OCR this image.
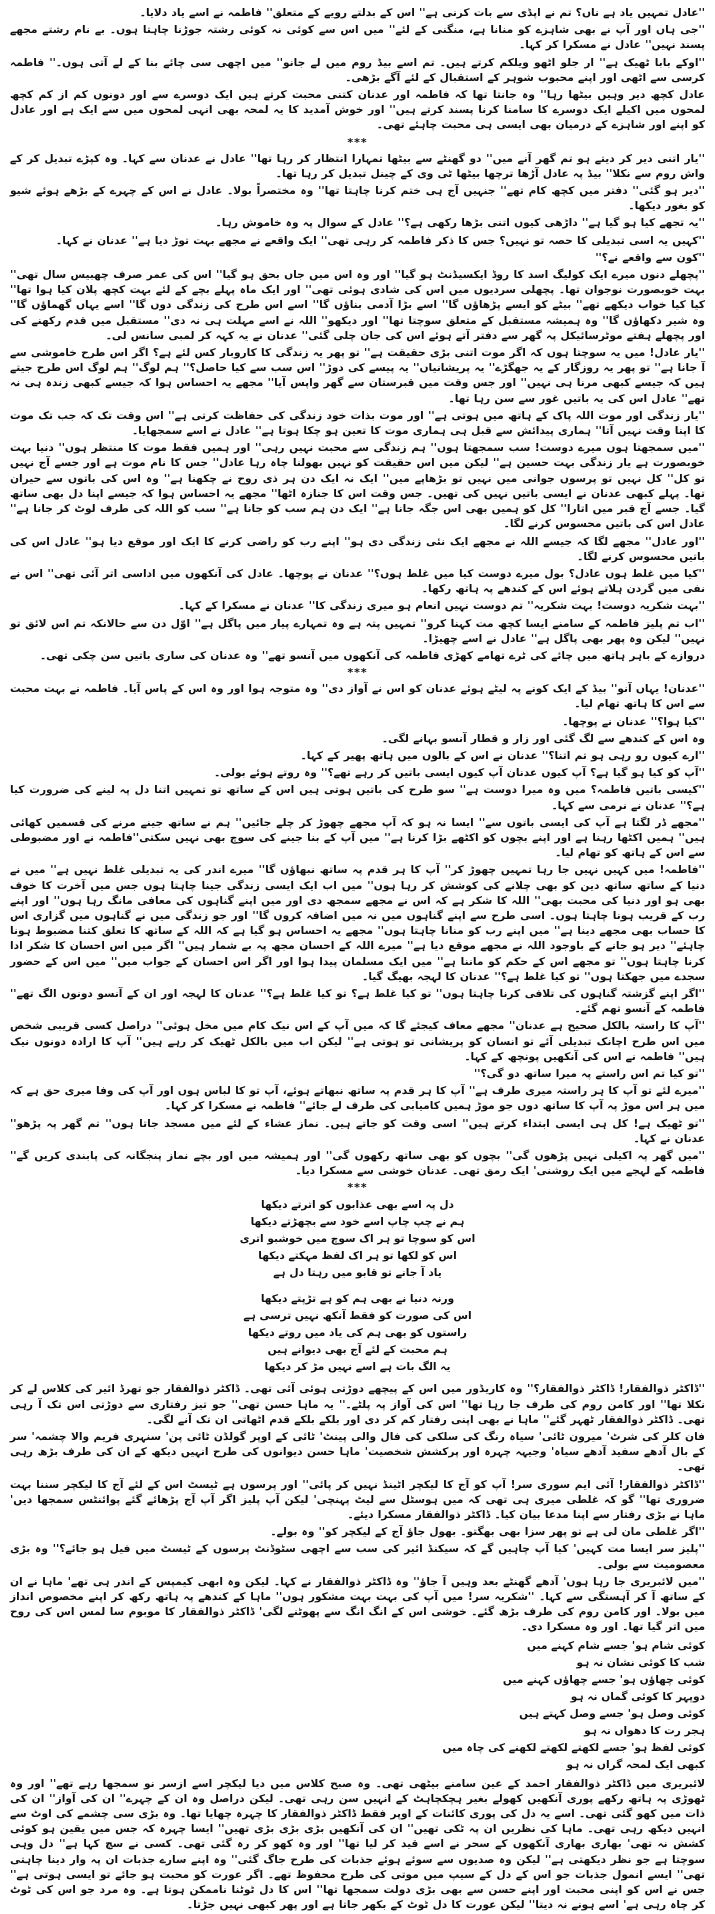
''عادل تمہیں یاد ہے ناں؟ تم نے اپڈی سے بات کرنی ہے'' اس کے بدلتے رویے کے متعلق'' فاطمہ نے اسے یاد دلایا۔

''جی ہاں اور آپ نے بھی شاہزے کو منانا ہے، منگنی کے لئے'' میں اس سے کوئی نہ کوئی رشتہ جوڑنا چاہتا ہوں۔ بے نام رشتے مجھے پسند نہیں'' عادل نے مسکرا کر کہا۔

''اوکے بابا ٹھیک ہے'' ار جلو اٹھو ویلکم کرتے ہیں۔ تم اسے بیڈ روم میں لے جانو'' میں اچھی سی چائے بنا کے لے آتی ہوں۔'' فاطمہ کرسی سے اٹھی اور اپنے محبوب شوہر کے استقبال کے لئے آگے بڑھی۔

عادل کچھ دیر وہیں بیٹھا رہا'' وہ جانتا تھا کہ فاطمہ اور عدنان کتنی محبت کرتے ہیں ایک دوسرے سے اور دونوں کم از کم کچھ لمحوں میں اکیلے ایک دوسرے کا سامنا کرنا پسند کرتے ہیں'' اور خوش آمدید کا یہ لمحہ بھی انہی لمحوں میں سے ایک ہے اور عادل کو اپنے اور شاہزے کے درمیان بھی ایسی ہی محبت چاہئے تھی۔

***

''یار اتنی دیر کر دیتے ہو تم گھر آنے میں'' دو گھنٹے سے بیٹھا تمہارا انتظار کر رہا تھا'' عادل نے عدنان سے کہا۔ وہ کپڑے تبدیل کر کے واش روم سے نکلا'' بیڈ پہ عادل آڑھا ترچھا بیٹھا ٹی وی کے چینل تبدیل کر رہا تھا۔

''دیر ہو گئی'' دفتر میں کچھ کام تھے'' جنہیں آج ہی ختم کرنا چاہتا تھا'' وہ مختصراً بولا۔ عادل نے اس کے چہرے کے بڑھے ہوئے شیو کو بغور دیکھا۔

''یہ تجھے کیا ہو گیا ہے'' داڑھی کیوں اتنی بڑھا رکھی ہے؟'' عادل کے سوال پہ وہ خاموش رہا۔

''کہیں یہ اسی تبدیلی کا حصہ تو نہیں؟ جس کا ذکر فاطمہ کر رہی تھی'' ایک واقعے نے مجھے بہت توڑ دیا ہے'' عدنان نے کہا۔

''کون سے واقعے نے؟''

''پچھلے دنوں میرے ایک کولیگ اسد کا روڈ ایکسیڈنٹ ہو گیا'' اور وہ اس میں جاں بحق ہو گیا'' اس کی عمر صرف چھبیس سال تھی'' بہت خوبصورت نوجوان تھا۔ پچھلی سردیوں میں اس کی شادی ہوئی تھی'' اور ایک ماہ پہلے بچے کے لئے بہت کچھ پلان کیا ہوا تھا'' کیا کیا خواب دیکھے تھے'' بیٹے کو ایسے پڑھاؤں گا'' اسے بڑا آدمی بناؤں گا'' اسے اس طرح کی زندگی دوں گا'' اسے یہاں گھماؤں گا'' وہ شیر دکھاؤں گا'' وہ ہمیشہ مستقبل کے متعلق سوچتا تھا'' اور دیکھو'' اللہ نے اسے مہلت ہی نہ دی'' مستقبل میں قدم رکھنے کی اور پچھلے ہفتے موٹرسائیکل پہ گھر سے دفتر آتے ہوئے اس کی جان چلی گئی'' عدنان نے یہ کہہ کر لمبی سانس لی۔

''یار عادل! میں یہ سوچتا ہوں کہ اگر موت اتنی بڑی حقیقت ہے'' تو پھر یہ زندگی کا کاروبار کس لئے ہے؟ اگر اس طرح خاموشی سے آ جانا ہے'' تو پھر یہ روزگار کے یہ جھگڑے'' یہ پریشانیاں'' یہ پیسے کی دوڑ'' اس سب سے کیا حاصل؟'' ہم لوگ'' ہم لوگ اس طرح جیتے ہیں کہ جیسے کبھی مرنا ہی نہیں'' اور جس وقت میں قبرستان سے گھر واپس آیا'' مجھے یہ احساس ہوا کہ جیسے کبھی زندہ ہی نہ تھے'' عادل اس کی یہ باتیں غور سے سن رہا تھا۔

''یار زندگی اور موت اللہ پاک کے ہاتھ میں ہوتی ہے'' اور موت بذات خود زندگی کی حفاظت کرتی ہے'' اس وقت تک کہ جب تک موت کا اپنا وقت نہیں آتا'' ہماری پیدائش سے قبل ہی ہماری موت کا تعین ہو چکا ہوتا ہے'' عادل نے اسے سمجھایا۔

''میں سمجھتا ہوں میرے دوست! سب سمجھتا ہوں'' ہم زندگی سے محبت نہیں رہی'' اور ہمیں فقط موت کا منتظر ہوں'' دنیا بہت خوبصورت ہے یار زندگی بہت حسین ہے'' لیکن میں اس حقیقت کو نہیں بھولنا چاہ رہا عادل'' جس کا نام موت ہے اور جسے آج نہیں تو کل'' کل نہیں تو پرسوں جوانی میں نہیں تو بڑھاپے میں'' ایک نہ ایک دن ہر ذی روح نے چکھنا ہے'' وہ اس کی باتوں سے حیران تھا۔ پہلے کبھی عدنان نے ایسی باتیں نہیں کی تھیں۔ جس وقت اس کا جنازہ اٹھا'' مجھے یہ احساس ہوا کہ جیسے اپنا دل بھی ساتھ گیا۔ جسے آج قبر میں اتارا'' کل کو ہمیں بھی اس جگہ جانا ہے'' ایک دن ہم سب کو جانا ہے'' سب کو اللہ کی طرف لوٹ کر جانا ہے'' عادل اس کی باتیں محسوس کرنے لگا۔

''اور عادل'' مجھے لگا کہ جیسے اللہ نے مجھے ایک نئی زندگی دی ہو'' اپنے رب کو راضی کرنے کا ایک اور موقع دیا ہو'' عادل اس کی باتیں محسوس کرنے لگا۔

''کیا میں غلط ہوں عادل؟ بول میرے دوست کیا میں غلط ہوں؟'' عدنان نے پوچھا۔ عادل کی آنکھوں میں اداسی اتر آئی تھی'' اس نے نفی میں گردن ہلاتے ہوئے اس کے کندھے پہ ہاتھ رکھا۔

''بہت شکریہ دوست! بہت شکریہ'' تم دوست نہیں انعام ہو میری زندگی کا'' عدنان نے مسکرا کے کہا۔

''اب تم پلیز فاطمہ کے سامنے ایسا کچھ مت کہنا کرو'' تمہیں پتہ ہے وہ تمہارے پیار میں پاگل ہے'' اوّل دن سے حالانکہ تم اس لائق تو نہیں'' لیکن وہ پھر بھی پاگل ہے'' عادل نے اسے چھیڑا۔

دروازے کے باہر ہاتھ میں چائے کی ٹرے تھامے کھڑی فاطمہ کی آنکھوں میں آنسو تھے'' وہ عدنان کی ساری باتیں سن چکی تھی۔

***

''عدنان! یہاں آنو'' بیڈ کے ایک کونے پہ لیٹے ہوئے عدنان کو اس نے آواز دی'' وہ متوجہ ہوا اور وہ اس کے پاس آیا۔ فاطمہ نے بہت محبت سے اس کا ہاتھ تھام لیا۔

''کیا ہوا؟'' عدنان نے پوچھا۔

وہ اس کے کندھے سے لگ گئی اور زار و قطار آنسو بہانے لگی۔

''ارے کیوں رو رہی ہو تم اتنا؟'' عدنان نے اس کے بالوں میں ہاتھ پھیر کے کہا۔

''آپ کو کیا ہو گیا ہے؟ آپ کیوں عدنان آپ کیوں ایسی باتیں کر رہے تھے؟'' وہ روتے ہوئے بولی۔

''کیسی باتیں فاطمہ؟ میں وہ میرا دوست ہے'' سو طرح کی باتیں ہوتی ہیں اس کے ساتھ تو تمہیں اتنا دل پہ لینے کی ضرورت کیا ہے؟'' عدنان نے نرمی سے کہا۔

''مجھے ڈر لگتا ہے آپ کی ایسی باتوں سے'' ایسا نہ ہو کہ آپ مجھے چھوڑ کر چلے جائیں'' ہم نے ساتھ جینے مرنے کی قسمیں کھائی ہیں'' ہمیں اکٹھا رہنا ہے اور اپنے بچوں کو اکٹھے بڑا کرنا ہے'' میں آپ کے بنا جینے کی سوچ بھی نہیں سکتی''فاطمہ نے اور مضبوطی سے اس کے ہاتھ کو تھام لیا۔

''فاطمہ! میں کہیں نہیں جا رہا تمہیں چھوڑ کر'' آپ کا ہر قدم پہ ساتھ نبھاؤں گا'' میرے اندر کی یہ تبدیلی غلط نہیں ہے'' میں نے دنیا کے ساتھ ساتھ دین کو بھی چلانے کی کوشش کر رہا ہوں'' میں اب ایک ایسی زندگی جینا چاہتا ہوں جس میں آخرت کا خوف بھی ہو اور دنیا کی محبت بھی'' اللہ کا شکر ہے کہ اس نے مجھے سمجھ دی اور میں اپنے گناہوں کی معافی مانگ رہا ہوں'' اور اپنے رب کے قریب ہونا چاہتا ہوں۔ اسی طرح سے اپنے گناہوں میں نہ میں اضافہ کروں گا'' اور جو زندگی میں نے گناہوں میں گزاری اس کا حساب بھی مجھے دینا ہے'' میں اپنے رب کو منانا چاہتا ہوں'' مجھے یہ احساس ہو گیا ہے کہ اللہ کے ساتھ کا تعلق کتنا مضبوط ہونا چاہئے'' دیر ہو جانے کے باوجود اللہ نے مجھے موقع دیا ہے'' میرے اللہ کے احسان مجھ پہ بے شمار ہیں'' اگر میں اس احسان کا شکر ادا کرنا چاہتا ہوں'' تو مجھے اس کے حکم کو ماننا ہے'' میں ایک مسلمان پیدا ہوا اور اگر اس احسان کے جواب میں'' میں اس کے حضور سجدے میں جھکتا ہوں'' تو کیا غلط ہے؟'' عدنان کا لہجہ بھیگ گیا۔

''اگر اپنے گزشتہ گناہوں کی تلافی کرنا چاہتا ہوں'' تو کیا غلط ہے؟ تو کیا غلط ہے؟'' عدنان کا لہجہ اور ان کے آنسو دونوں الگ تھے'' فاطمہ کے آنسو تھم گئے۔

''آپ کا راستہ بالکل صحیح ہے عدنان'' مجھے معاف کیجئے گا کہ میں آپ کے اس نیک کام میں مخل ہوئی'' دراصل کسی قریبی شخص میں اس طرح اچانک تبدیلی آئے تو انسان کو پریشانی تو ہوتی ہے'' لیکن اب میں بالکل ٹھیک کر رہے ہیں'' آپ کا ارادہ دونوں نیک ہیں'' فاطمہ نے اس کی آنکھیں پونچھ کے کہا۔

''تو کیا تم اس راستے پہ میرا ساتھ دو گی؟''

''میرے لئے تو آپ کا ہر راستہ میری طرف ہے'' آپ کا ہر قدم پہ ساتھ نبھاتے ہوئے، آپ تو کا لباس ہوں اور آپ کی وفا میری حق ہے کہ میں ہر اس موڑ پہ آپ کا ساتھ دوں جو موڑ ہمیں کامیابی کی طرف لے جائے'' فاطمہ نے مسکرا کر کہا۔

''تو ٹھیک ہے! کل ہی ایسی ابتداء کرتے ہیں'' اسی وقت کو جاتے ہیں۔ نماز عشاء کے لئے میں مسجد جاتا ہوں'' تم گھر پہ پڑھو'' عدنان نے کہا۔

''میں گھر پہ اکیلی نہیں پڑھوں گی'' بچوں کو بھی ساتھ رکھوں گی'' اور ہمیشہ میں اور بچے نماز پنجگانہ کی پابندی کریں گے'' فاطمہ کے لہجے میں ایک روشنی' ایک رمق تھی۔ عدنان خوشی سے مسکرا دیا۔

***
دل پہ اسے بھی عذابوں کو اترتے دیکھا
ہم نے چپ چاپ اسے خود سے بچھڑتے دیکھا
اس کو سوچا تو ہر اک سوچ میں خوشبو اتری
اس کو لکھا تو ہر اک لفظ مہکتے دیکھا
یاد آ جانے تو قابو میں رہتا دل ہے
ورنہ دنیا نے بھی ہم کو ہے تڑپتے دیکھا
اس کی صورت کو فقط آنکھ نہیں ترسی ہے
راستوں کو بھی ہم کی یاد میں روتے دیکھا
ہم محبت کے لئے آج بھی دیوانے ہیں
یہ الگ بات ہے اسے نہیں مڑ کر دیکھا

''ڈاکٹر ذوالفقار! ڈاکٹر ذوالفقار؟'' وہ کاریڈور میں اس کے پیچھے دوڑتی ہوئی آئی تھی۔ ڈاکٹر ذوالفقار جو تھرڈ ائیر کی کلاس لے کر نکلا تھا'' اور کامن روم کی طرف جا رہا تھا'' اس کی آواز پہ پلٹے۔'' یہ ماہا حسن تھی'' جو تیز رفتاری سے دوڑتی اس تک آ رہی تھی۔ ڈاکٹر ذوالفقار ٹھہر گئے'' ماہا نے بھی اپنی رفتار کم کر دی اور بلکے بلکے قدم اٹھاتی ان تک آنے لگی۔

فان کلر کی شرٹ' میرون ٹائی' سیاہ رنگ کی سلکی کی فال والی پینٹ' ٹائی کے اوپر گولڈن ٹائی پن' سنہری فریم والا چشمہ' سر کے بال آدھے سفید آدھے سیاہ' وجیہہ چہرہ اور پرکشش شخصیت' ماہا حسن دیوانوں کی طرح انہیں دیکھ کے ان کی طرف بڑھ رہی تھی۔

''ڈاکٹر ذوالفقار! آئی ایم سوری سر! آپ کو آج کا لیکچر اٹینڈ نہیں کر پائی'' اور پرسوں ہے ٹیسٹ اس کے لئے آج کا لیکچر سننا بہت ضروری تھا'' گو کہ غلطی میری ہی تھی کہ میں ہوسٹل سے لیٹ پہنچی' لیکن آپ پلیز اگر آپ آج پڑھائے گئے پوائنٹس سمجھا دیں' ماہا نے بڑی رفتار سے اپنا مدعا بیان کیا۔ ڈاکٹر ذوالفقار مسکرا دیئے۔

''اگر غلطی مان لی ہے تو پھر سزا بھی بھگتو۔ بھول جاؤ آج کے لیکچر کو'' وہ بولے۔

''پلیز سر ایسا مت کہیں' کیا آپ چاہیں گے کہ سیکنڈ ائیر کی سب سے اچھی سٹوڈنٹ پرسوں کے ٹیسٹ میں فیل ہو جائے؟'' وہ بڑی معصومیت سے بولی۔

''میں لائبریری جا رہا ہوں' آدھے گھنٹے بعد وہیں آ جاؤ'' وہ ڈاکٹر ذوالفقار نے کہا۔ لیکن وہ ابھی کیمپس کے اندر ہی تھے' ماہا نے ان کے ساتھ آ کر آہستگی سے کہا۔ ''شکریہ سر! میں آپ کی بہت بہت مشکور ہوں'' ماہا کے کندھے پہ ہاتھ رکھ کر اپنے مخصوص انداز میں بولا۔ اور کامن روم کی طرف بڑھ گئے۔ خوشی اس کے انگ انگ سے پھوٹنے لگی' ڈاکٹر ذوالفقار کا موبوم سا لمس اس کی روح میں اتر گیا تھا۔ اور وہ مسکرا دی۔

کوئی شام ہو' جسے شام کہنے میں

شب کا کوئی نشان نہ ہو

کوئی چھاؤں ہو' جسے چھاؤں کہنے میں

دوپہر کا کوئی گماں نہ ہو

کوئی وصل ہو' جسے وصل کہتے ہیں

ہجر رت کا دھواں نہ ہو

کوئی لفظ ہو' جسے لکھتے لکھتے لکھنے کی چاہ میں

کبھی ایک لمحہ گراں نہ ہو

لائبریری میں ڈاکٹر ذوالفقار احمد کے عین سامنے بیٹھی تھی۔ وہ صبح کلاس میں دیا لیکچر اسے ازسر نو سمجھا رہے تھے'' اور وہ ٹھوڑی پہ ہاتھ رکھے پوری آنکھیں کھولے بغیر ہچکچاہٹ کے انہیں سن رہی تھی۔ لیکن دراصل وہ ان کے چہرے'' ان کی آواز'' ان کی ذات میں کھو گئی تھی۔ اسے یہ دل کی پوری کائنات کے اوپر فقط ڈاکٹر ذوالفقار کا چہرہ چھایا تھا۔ وہ بڑی سی چشمے کی اوٹ سے انہیں دیکھ رہی تھی۔ ماہا کی نظریں ان پہ ٹکی تھیں'' ان کی آنکھیں بڑی بڑی بڑی تھیں'' ایسا چہرہ کہ جس میں یقین ہو کوئی کشش نہ تھی' بھاری بھاری آنکھوں کے سحر نے اسے قید کر لیا تھا'' اور وہ کھو کر رہ گئی تھی۔ کسی نے سچ کہا ہے'' دل وہی سوچتا ہے جو نظر دیکھتی ہے'' لیکن وہ صدیوں سے سوئے ہوئے جذبات کی طرح جاگ گئی'' وہ اپنے سارے جذبات ان پہ وار دینا چاہتی تھی'' ایسے انمول جذبات جو اس کے دل کے سیپ میں موتی کی طرح محفوظ تھے۔ اگر عورت کو محبت ہو جائے تو ایسی ہوتی ہے'' جس نے اس کو اپنی محبت اور اپنے حسن سے بھی بڑی دولت سمجھا تھا'' اس کا دل ٹوٹنا ناممکن ہوتا ہے۔ وہ مرد جو اس کی ٹوٹ کر چاہ رہی ہے' اسے ہونے نہ دیتا'' لیکن عورت کا دل ٹوٹ کے بکھر جاتا ہے اور پھر کبھی نہیں جڑتا۔
